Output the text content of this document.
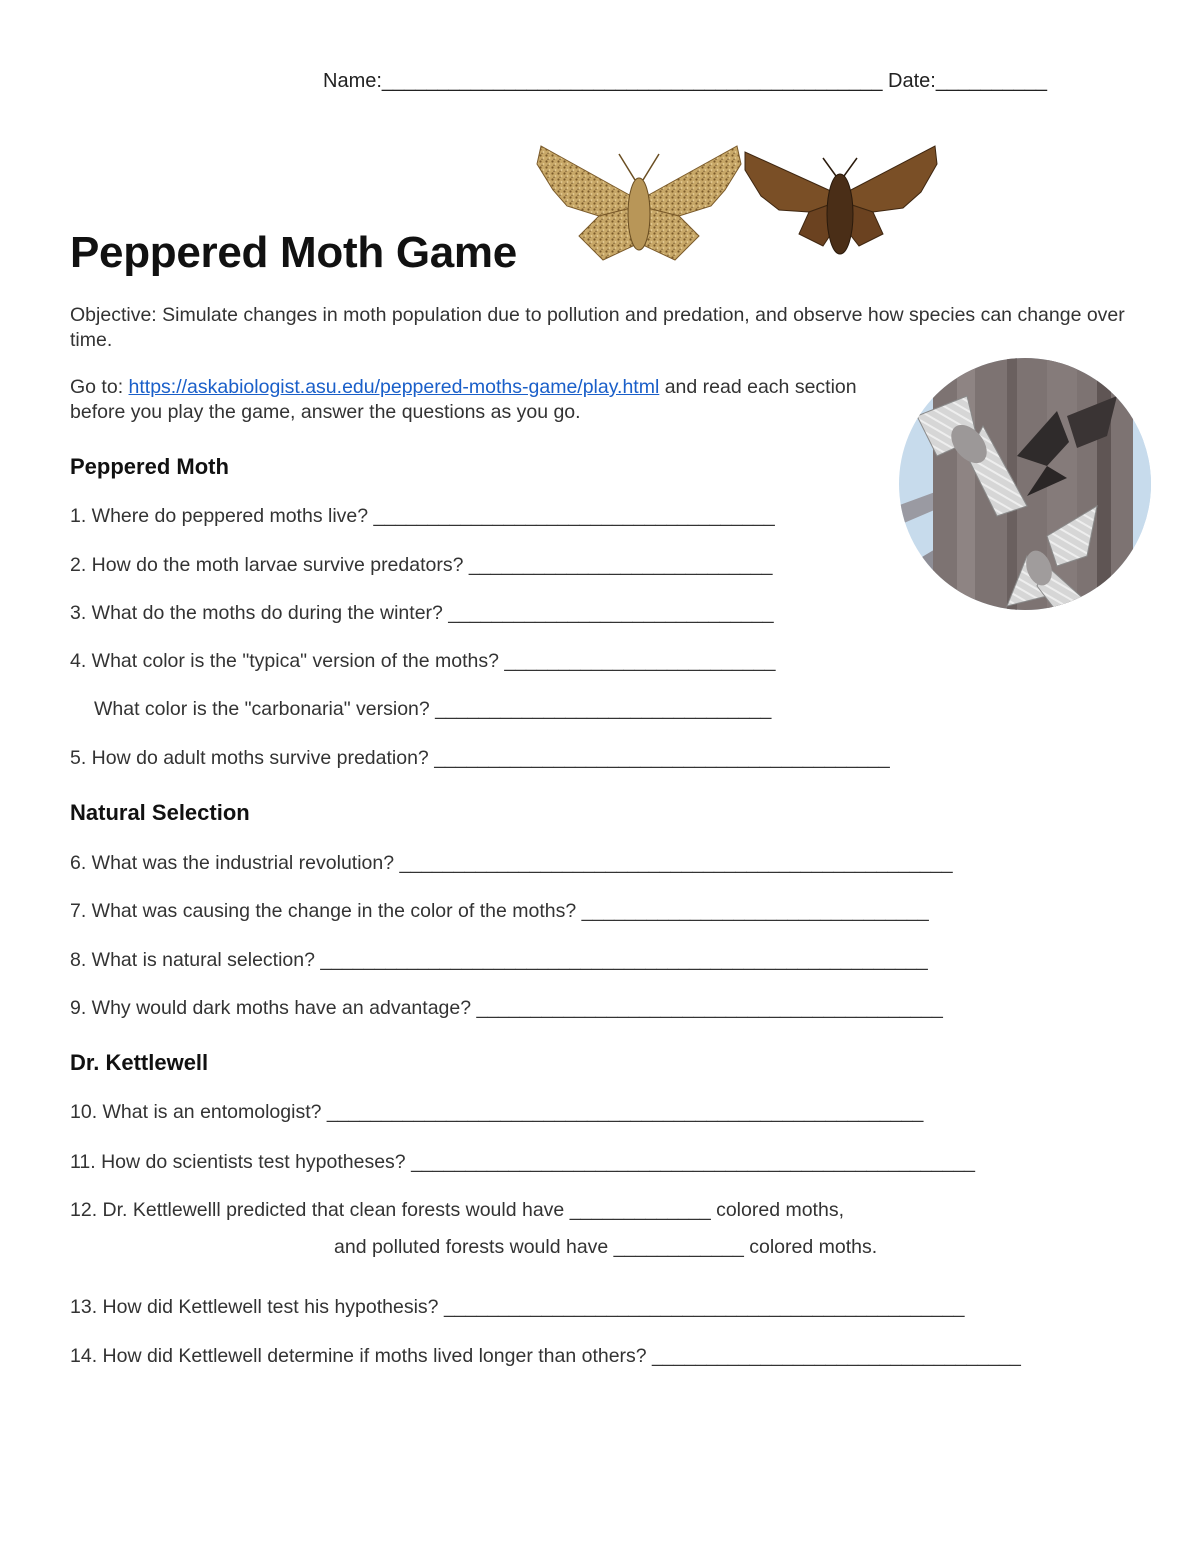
Name:_____________________________________________ Date:__________
Peppered Moth Game
Objective: Simulate changes in moth population due to pollution and predation, and observe how species can change over time.
Go to: https://askabiologist.asu.edu/peppered-moths-game/play.html and read each section before you play the game, answer the questions as you go.
Peppered Moth
1. Where do peppered moths live? _____________________________________
2. How do the moth larvae survive predators? ____________________________
3. What do the moths do during the winter? ______________________________
4. What color is the "typica" version of the moths? _________________________
What color is the "carbonaria" version? _______________________________
5. How do adult moths survive predation? __________________________________________
Natural Selection
6. What was the industrial revolution? ___________________________________________________
7. What was causing the change in the color of the moths? ________________________________
8. What is natural selection? ________________________________________________________
9. Why would dark moths have an advantage? ___________________________________________
Dr. Kettlewell
10. What is an entomologist? _______________________________________________________
11. How do scientists test hypotheses? ____________________________________________________
12. Dr. Kettlewelll predicted that clean forests would have _____________ colored moths,
and polluted forests would have ____________ colored moths.
13. How did Kettlewell test his hypothesis? ________________________________________________
14. How did Kettlewell determine if moths lived longer than others? __________________________________
